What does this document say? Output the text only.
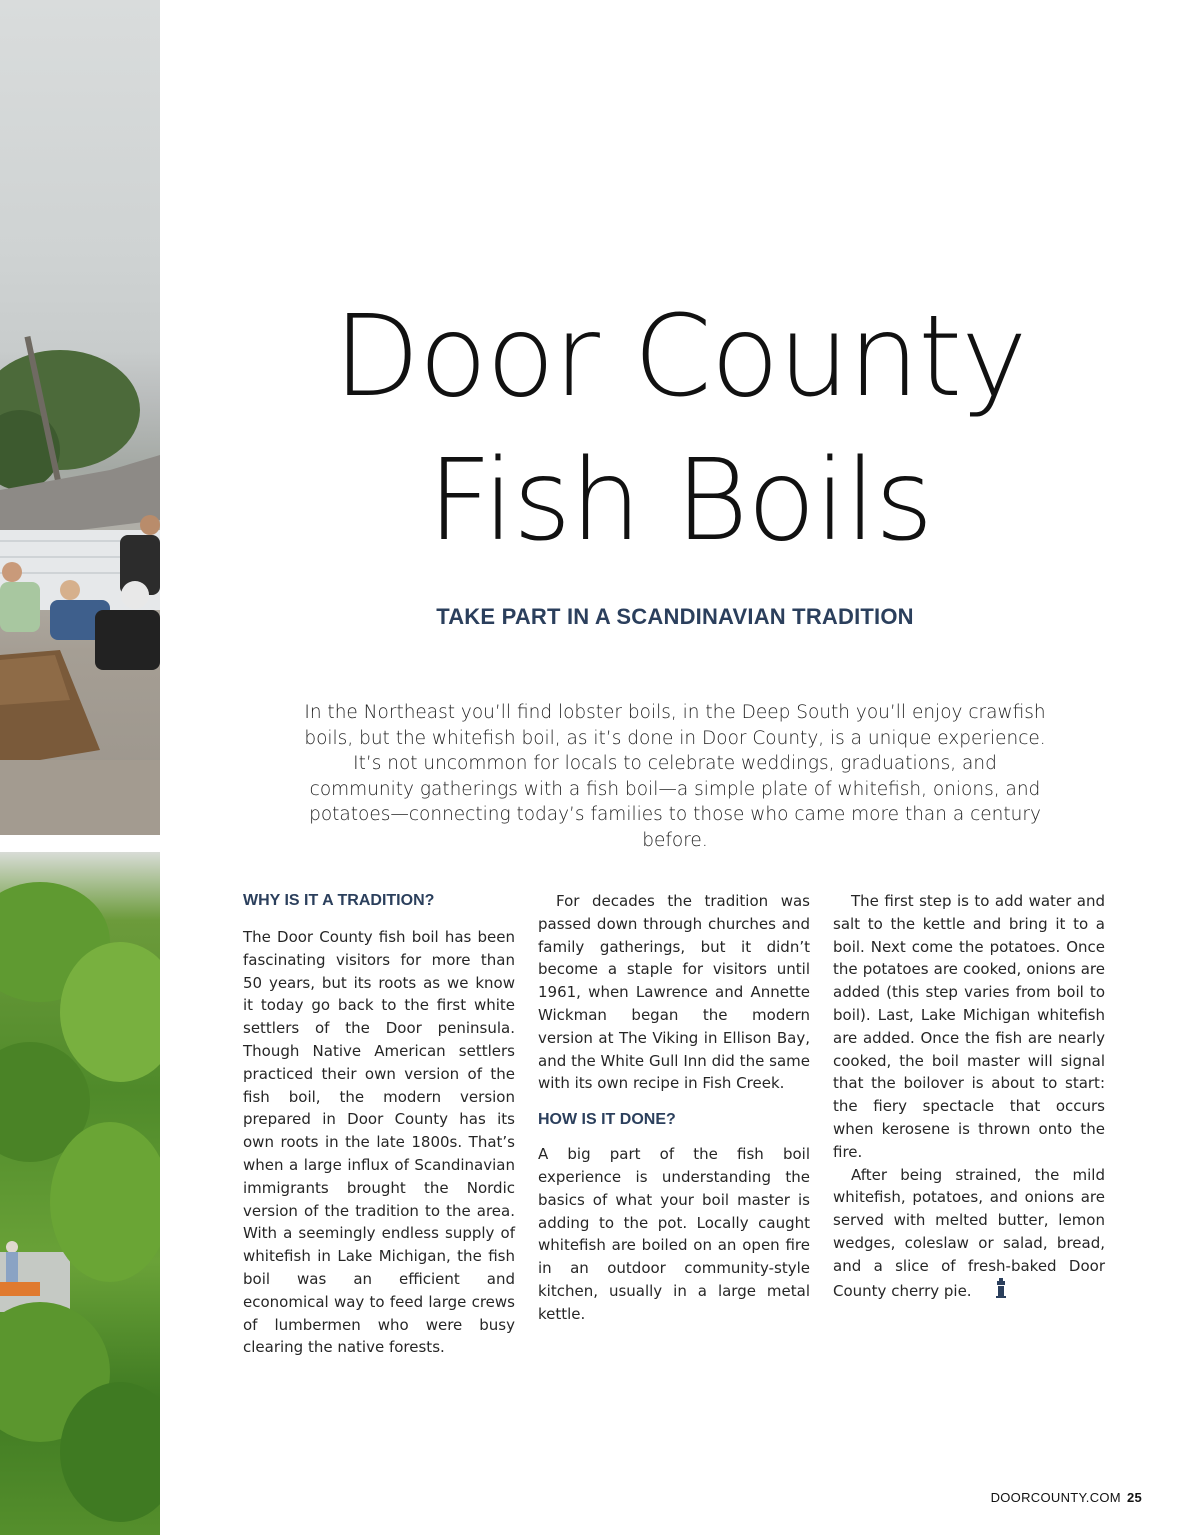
Door County
Fish Boils
TAKE PART IN A SCANDINAVIAN TRADITION

In the Northeast you’ll find lobster boils, in the Deep South you’ll enjoy crawfish boils, but the whitefish boil, as it’s done in Door County, is a unique experience. It’s not uncommon for locals to celebrate weddings, graduations, and community gatherings with a fish boil—a simple plate of whitefish, onions, and potatoes—connecting today’s families to those who came more than a century before.

WHY IS IT A TRADITION?

The Door County fish boil has been fascinating visitors for more than 50 years, but its roots as we know it today go back to the first white settlers of the Door peninsula. Though Native American settlers practiced their own version of the fish boil, the modern version prepared in Door County has its own roots in the late 1800s. That’s when a large influx of Scandinavian immigrants brought the Nordic version of the tradition to the area. With a seemingly endless supply of whitefish in Lake Michigan, the fish boil was an efficient and economical way to feed large crews of lumbermen who were busy clearing the native forests.

For decades the tradition was passed down through churches and family gatherings, but it didn’t become a staple for visitors until 1961, when Lawrence and Annette Wickman began the modern version at The Viking in Ellison Bay, and the White Gull Inn did the same with its own recipe in Fish Creek.

HOW IS IT DONE?

A big part of the fish boil experience is understanding the basics of what your boil master is adding to the pot. Locally caught whitefish are boiled on an open fire in an outdoor community-style kitchen, usually in a large metal kettle.

The first step is to add water and salt to the kettle and bring it to a boil. Next come the potatoes. Once the potatoes are cooked, onions are added (this step varies from boil to boil). Last, Lake Michigan whitefish are added. Once the fish are nearly cooked, the boil master will signal that the boilover is about to start: the fiery spectacle that occurs when kerosene is thrown onto the fire.

After being strained, the mild whitefish, potatoes, and onions are served with melted butter, lemon wedges, coleslaw or salad, bread, and a slice of fresh-baked Door County cherry pie.

DOORCOUNTY.COM 25
